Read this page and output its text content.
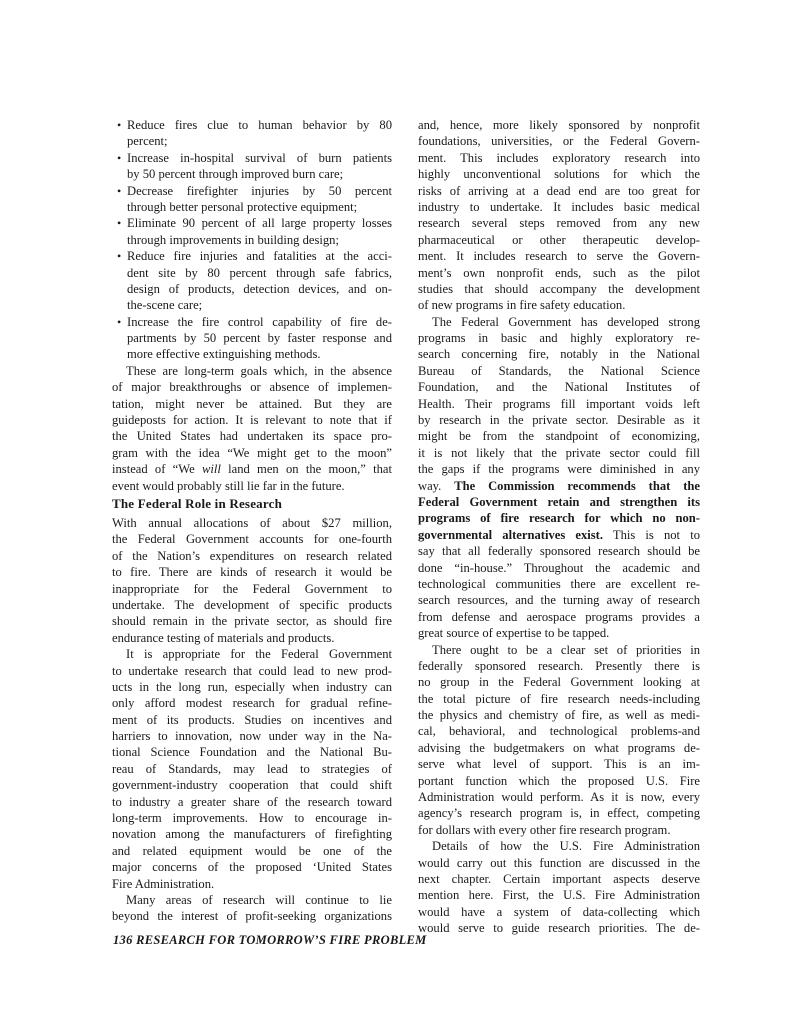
• Reduce fires clue to human behavior by 80
percent;
• Increase in-hospital survival of burn patients
by 50 percent through improved burn care;
• Decrease firefighter injuries by 50 percent
through better personal protective equipment;
• Eliminate 90 percent of all large property losses
through improvements in building design;
• Reduce fire injuries and fatalities at the acci-
dent site by 80 percent through safe fabrics,
design of products, detection devices, and on-
the-scene care;
• Increase the fire control capability of fire de-
partments by 50 percent by faster response and
more effective extinguishing methods.
These are long-term goals which, in the absence
of major breakthroughs or absence of implemen-
tation, might never be attained. But they are
guideposts for action. It is relevant to note that if
the United States had undertaken its space pro-
gram with the idea “We might get to the moon”
instead of “We will land men on the moon,” that
event would probably still lie far in the future.
The Federal Role in Research
With annual allocations of about $27 million,
the Federal Government accounts for one-fourth
of the Nation’s expenditures on research related
to fire. There are kinds of research it would be
inappropriate for the Federal Government to
undertake. The development of specific products
should remain in the private sector, as should fire
endurance testing of materials and products.
It is appropriate for the Federal Government
to undertake research that could lead to new prod-
ucts in the long run, especially when industry can
only afford modest research for gradual refine-
ment of its products. Studies on incentives and
harriers to innovation, now under way in the Na-
tional Science Foundation and the National Bu-
reau of Standards, may lead to strategies of
government-industry cooperation that could shift
to industry a greater share of the research toward
long-term improvements. How to encourage in-
novation among the manufacturers of firefighting
and related equipment would be one of the
major concerns of the proposed ‘United States
Fire Administration.
Many areas of research will continue to lie
beyond the interest of profit-seeking organizations
and, hence, more likely sponsored by nonprofit
foundations, universities, or the Federal Govern-
ment. This includes exploratory research into
highly unconventional solutions for which the
risks of arriving at a dead end are too great for
industry to undertake. It includes basic medical
research several steps removed from any new
pharmaceutical or other therapeutic develop-
ment. It includes research to serve the Govern-
ment’s own nonprofit ends, such as the pilot
studies that should accompany the development
of new programs in fire safety education.
The Federal Government has developed strong
programs in basic and highly exploratory re-
search concerning fire, notably in the National
Bureau of Standards, the National Science
Foundation, and the National Institutes of
Health. Their programs fill important voids left
by research in the private sector. Desirable as it
might be from the standpoint of economizing,
it is not likely that the private sector could fill
the gaps if the programs were diminished in any
way. The Commission recommends that the
Federal Government retain and strengthen its
programs of fire research for which no non-
governmental alternatives exist. This is not to
say that all federally sponsored research should be
done “in-house.” Throughout the academic and
technological communities there are excellent re-
search resources, and the turning away of research
from defense and aerospace programs provides a
great source of expertise to be tapped.
There ought to be a clear set of priorities in
federally sponsored research. Presently there is
no group in the Federal Government looking at
the total picture of fire research needs-including
the physics and chemistry of fire, as well as medi-
cal, behavioral, and technological problems-and
advising the budgetmakers on what programs de-
serve what level of support. This is an im-
portant function which the proposed U.S. Fire
Administration would perform. As it is now, every
agency’s research program is, in effect, competing
for dollars with every other fire research program.
Details of how the U.S. Fire Administration
would carry out this function are discussed in the
next chapter. Certain important aspects deserve
mention here. First, the U.S. Fire Administration
would have a system of data-collecting which
would serve to guide research priorities. The de-
136 RESEARCH FOR TOMORROW’S FIRE PROBLEM
